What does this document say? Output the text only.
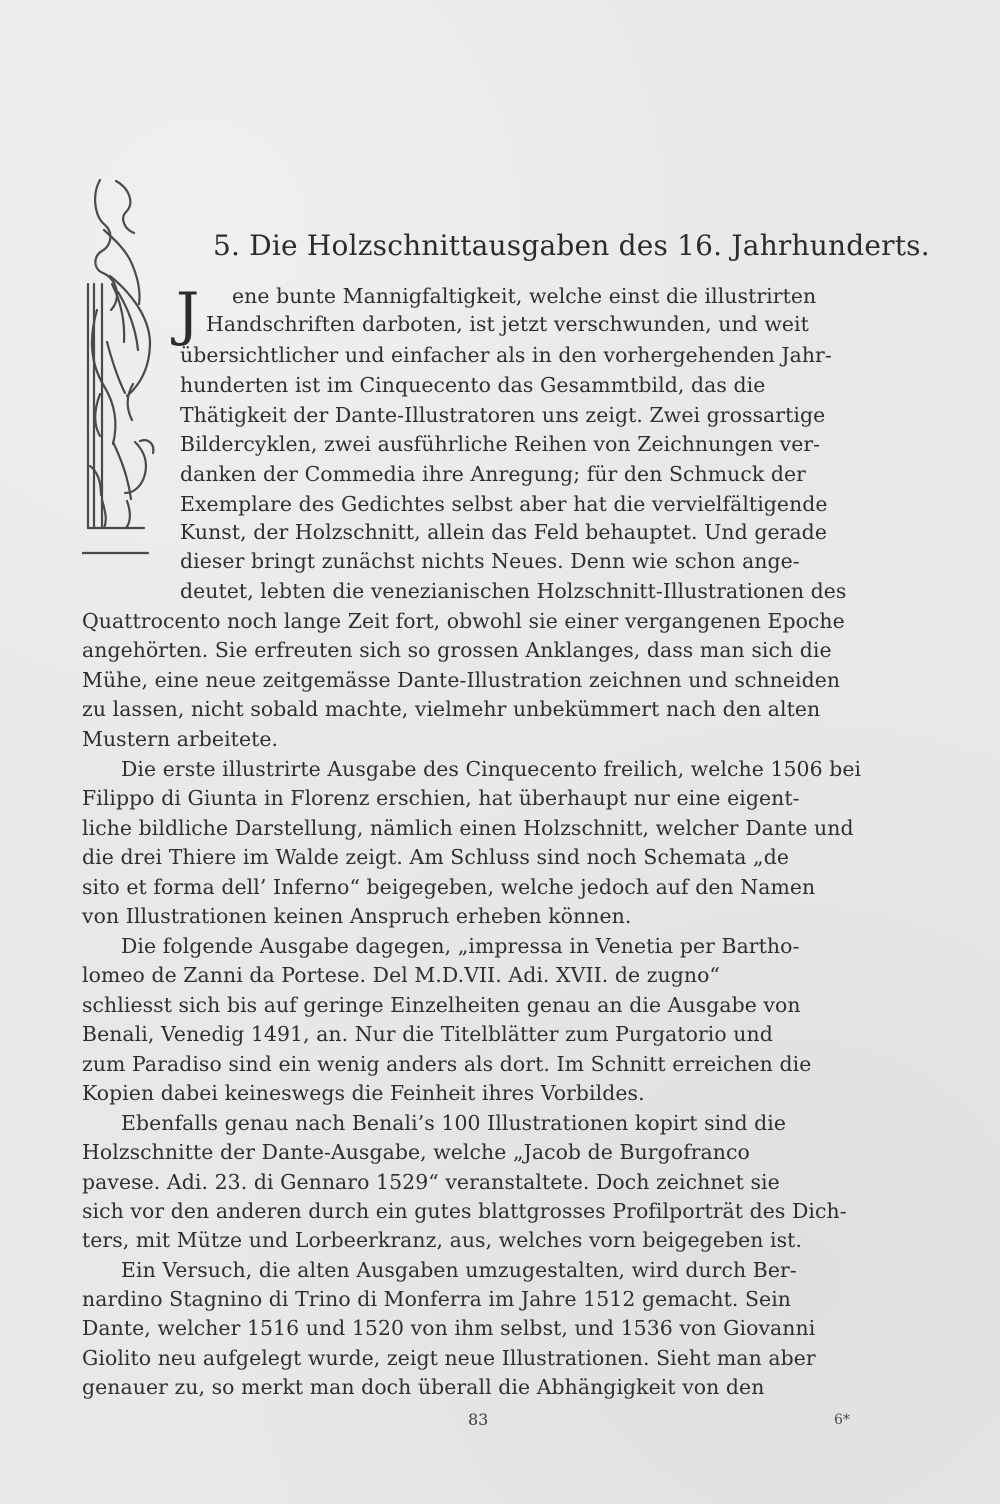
5. Die Holzschnittausgaben des 16. Jahrhunderts.
J	ene bunte Mannigfaltigkeit, welche einst die illustrirten
Handschriften darboten, ist jetzt verschwunden, und weit
übersichtlicher und einfacher als in den vorhergehenden Jahr-
hunderten ist im Cinquecento das Gesammtbild, das die
Thätigkeit der Dante-Illustratoren uns zeigt. Zwei grossartige
Bildercyklen, zwei ausführliche Reihen von Zeichnungen ver-
danken der Commedia ihre Anregung; für den Schmuck der
Exemplare des Gedichtes selbst aber hat die vervielfältigende
Kunst, der Holzschnitt, allein das Feld behauptet. Und gerade
dieser bringt zunächst nichts Neues. Denn wie schon ange-
deutet, lebten die venezianischen Holzschnitt-Illustrationen des
Quattrocento noch lange Zeit fort, obwohl sie einer vergangenen Epoche
angehörten. Sie erfreuten sich so grossen Anklanges, dass man sich die
Mühe, eine neue zeitgemässe Dante-Illustration zeichnen und schneiden
zu lassen, nicht sobald machte, vielmehr unbekümmert nach den alten
Mustern arbeitete.
Die erste illustrirte Ausgabe des Cinquecento freilich, welche 1506 bei
Filippo di Giunta in Florenz erschien, hat überhaupt nur eine eigent-
liche bildliche Darstellung, nämlich einen Holzschnitt, welcher Dante und
die drei Thiere im Walde zeigt. Am Schluss sind noch Schemata „de
sito et forma dell’ Inferno“ beigegeben, welche jedoch auf den Namen
von Illustrationen keinen Anspruch erheben können.
Die folgende Ausgabe dagegen, „impressa in Venetia per Bartho-
lomeo de Zanni da Portese. Del M.D.VII. Adi. XVII. de zugno“
schliesst sich bis auf geringe Einzelheiten genau an die Ausgabe von
Benali, Venedig 1491, an. Nur die Titelblätter zum Purgatorio und
zum Paradiso sind ein wenig anders als dort. Im Schnitt erreichen die
Kopien dabei keineswegs die Feinheit ihres Vorbildes.
Ebenfalls genau nach Benali’s 100 Illustrationen kopirt sind die
Holzschnitte der Dante-Ausgabe, welche „Jacob de Burgofranco
pavese. Adi. 23. di Gennaro 1529“ veranstaltete. Doch zeichnet sie
sich vor den anderen durch ein gutes blattgrosses Profilporträt des Dich-
ters, mit Mütze und Lorbeerkranz, aus, welches vorn beigegeben ist.
Ein Versuch, die alten Ausgaben umzugestalten, wird durch Ber-
nardino Stagnino di Trino di Monferra im Jahre 1512 gemacht. Sein
Dante, welcher 1516 und 1520 von ihm selbst, und 1536 von Giovanni
Giolito neu aufgelegt wurde, zeigt neue Illustrationen. Sieht man aber
genauer zu, so merkt man doch überall die Abhängigkeit von den
83	6*
